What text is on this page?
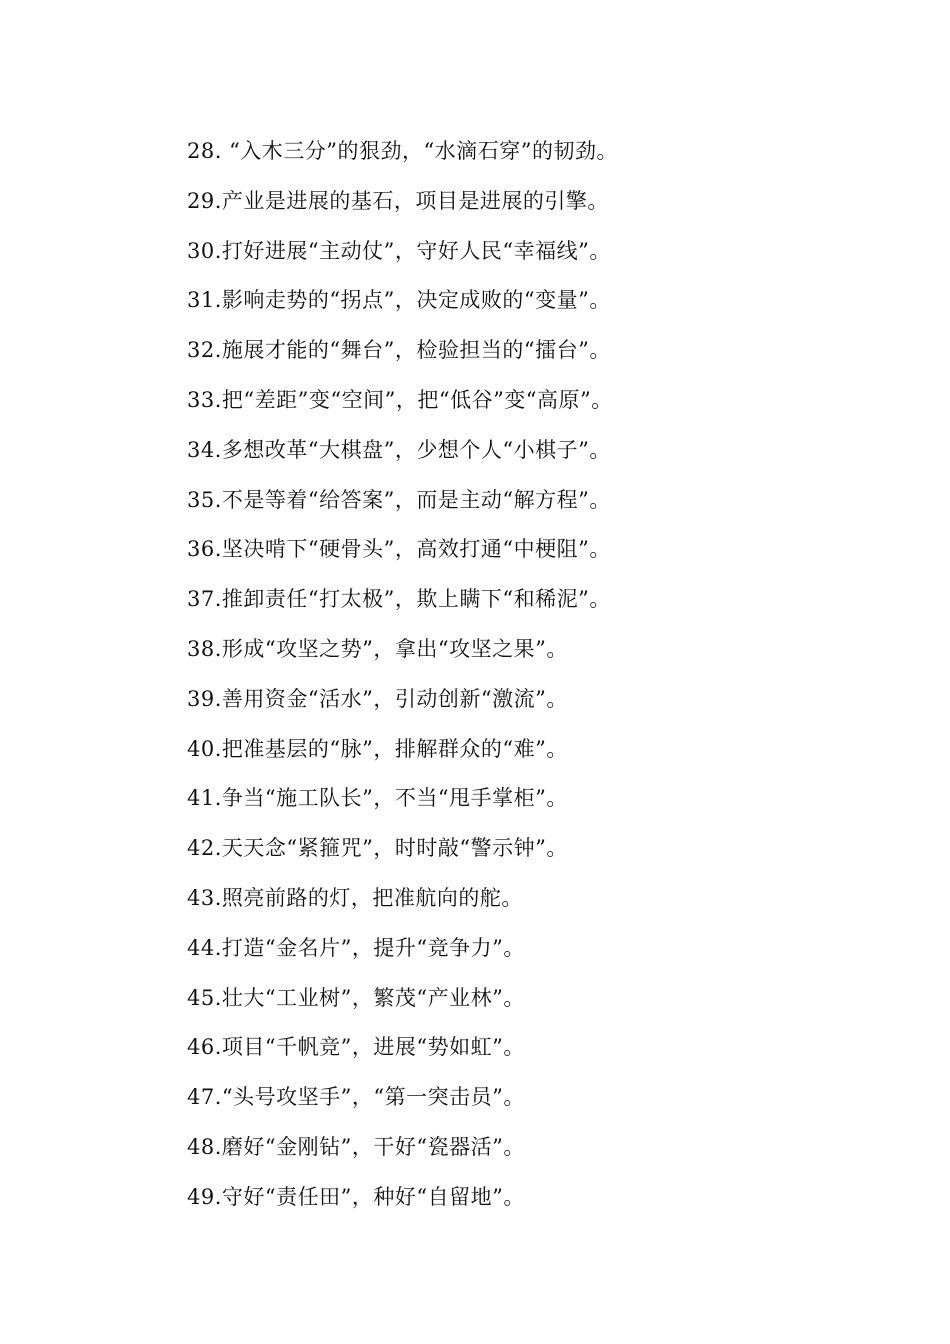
28. “入木三分”的狠劲，“水滴石穿”的韧劲。
29.产业是进展的基石，项目是进展的引擎。
30.打好进展“主动仗”，守好人民“幸福线”。
31.影响走势的“拐点”，决定成败的“变量”。
32.施展才能的“舞台”，检验担当的“擂台”。
33.把“差距”变“空间”，把“低谷”变“高原”。
34.多想改革“大棋盘”，少想个人“小棋子”。
35.不是等着“给答案”，而是主动“解方程”。
36.坚决啃下“硬骨头”，高效打通“中梗阻”。
37.推卸责任“打太极”，欺上瞒下“和稀泥”。
38.形成“攻坚之势”，拿出“攻坚之果”。
39.善用资金“活水”，引动创新“激流”。
40.把准基层的“脉”，排解群众的“难”。
41.争当“施工队长”，不当“甩手掌柜”。
42.天天念“紧箍咒”，时时敲“警示钟”。
43.照亮前路的灯，把准航向的舵。
44.打造“金名片”，提升“竞争力”。
45.壮大“工业树”，繁茂“产业林”。
46.项目“千帆竞”，进展“势如虹”。
47.“头号攻坚手”，“第一突击员”。
48.磨好“金刚钻”，干好“瓷器活”。
49.守好“责任田”，种好“自留地”。
